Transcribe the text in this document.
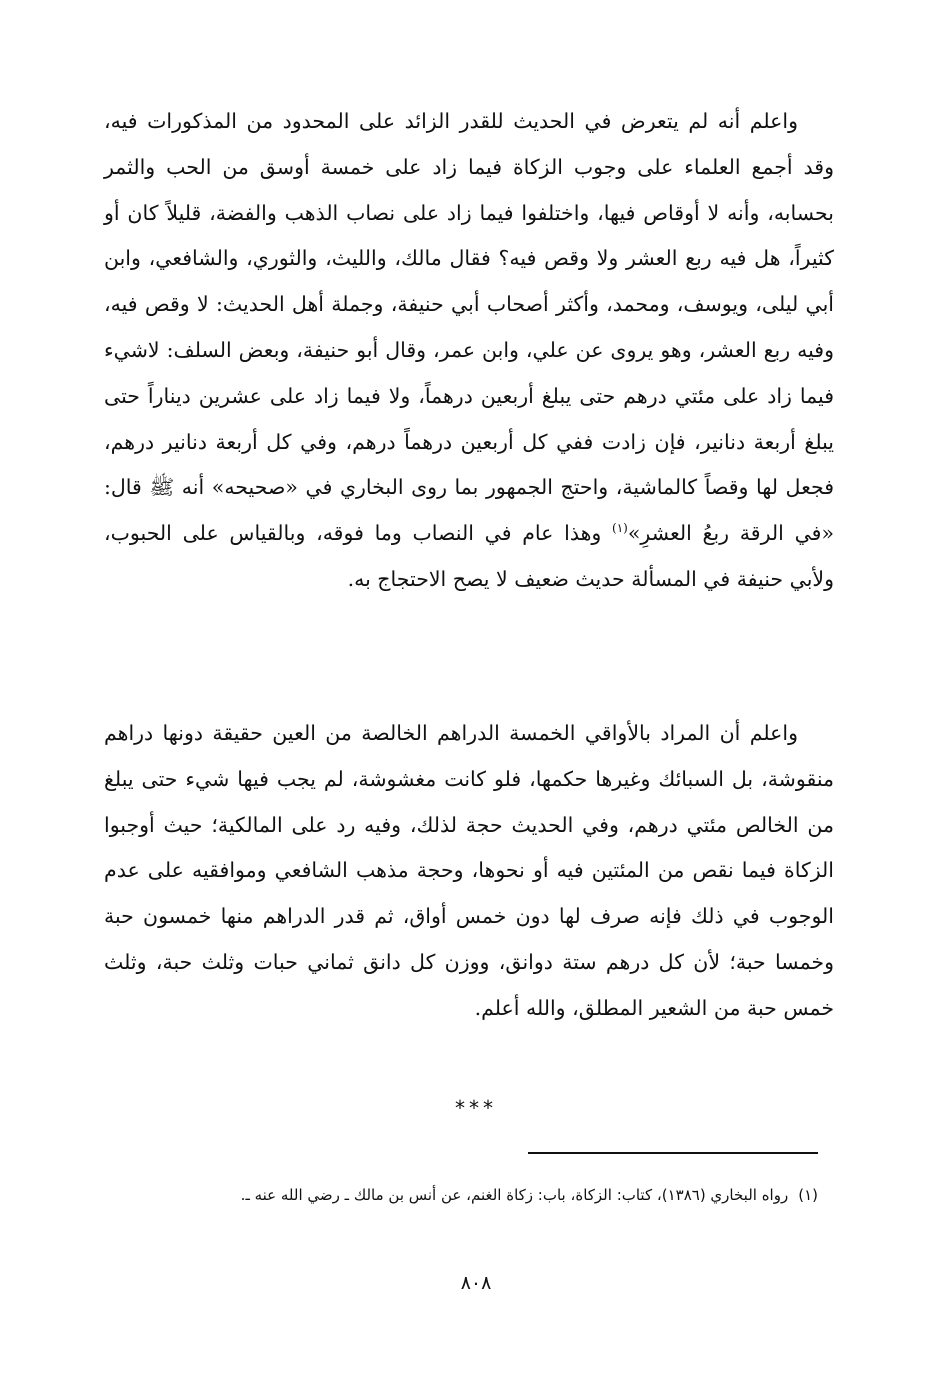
واعلم أنه لم يتعرض في الحديث للقدر الزائد على المحدود من المذكورات فيه، وقد أجمع العلماء على وجوب الزكاة فيما زاد على خمسة أوسق من الحب والثمر بحسابه، وأنه لا أوقاص فيها، واختلفوا فيما زاد على نصاب الذهب والفضة، قليلاً كان أو كثيراً، هل فيه ربع العشر ولا وقص فيه؟ فقال مالك، والليث، والثوري، والشافعي، وابن أبي ليلى، ويوسف، ومحمد، وأكثر أصحاب أبي حنيفة، وجملة أهل الحديث: لا وقص فيه، وفيه ربع العشر، وهو يروى عن علي، وابن عمر، وقال أبو حنيفة، وبعض السلف: لاشيء فيما زاد على مئتي درهم حتى يبلغ أربعين درهماً، ولا فيما زاد على عشرين ديناراً حتى يبلغ أربعة دنانير، فإن زادت ففي كل أربعين درهماً درهم، وفي كل أربعة دنانير درهم، فجعل لها وقصاً كالماشية، واحتج الجمهور بما روى البخاري في «صحيحه» أنه ﷺ قال: «في الرقة ربعُ العشرِ»$^{(١)}$ وهذا عام في النصاب وما فوقه، وبالقياس على الحبوب، ولأبي حنيفة في المسألة حديث ضعيف لا يصح الاحتجاج به.

واعلم أن المراد بالأواقي الخمسة الدراهم الخالصة من العين حقيقة دونها دراهم منقوشة، بل السبائك وغيرها حكمها، فلو كانت مغشوشة، لم يجب فيها شيء حتى يبلغ من الخالص مئتي درهم، وفي الحديث حجة لذلك، وفيه رد على المالكية؛ حيث أوجبوا الزكاة فيما نقص من المئتين فيه أو نحوها، وحجة مذهب الشافعي وموافقيه على عدم الوجوب في ذلك فإنه صرف لها دون خمس أواق، ثم قدر الدراهم منها خمسون حبة وخمسا حبة؛ لأن كل درهم ستة دوانق، ووزن كل دانق ثماني حبات وثلث حبة، وثلث خمس حبة من الشعير المطلق، والله أعلم.

***

(١)رواه البخاري (١٣٨٦)، كتاب: الزكاة، باب: زكاة الغنم، عن أنس بن مالك ـ رضي الله عنه ـ.

٨٠٨
